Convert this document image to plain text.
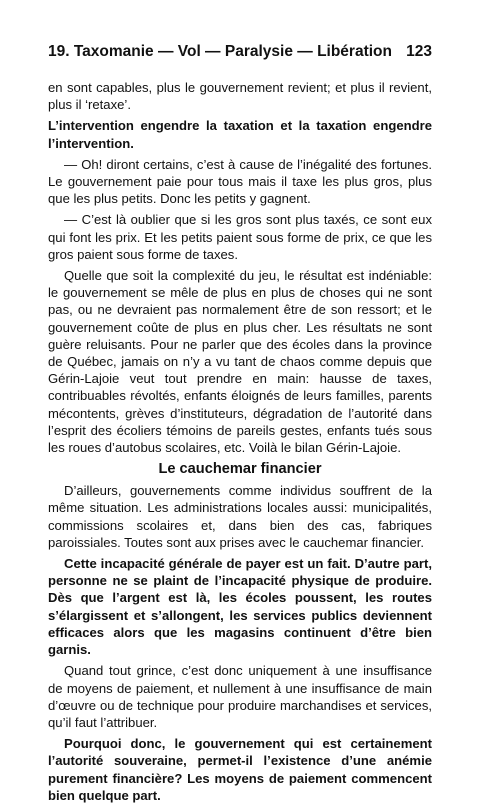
19. Taxomanie — Vol — Paralysie — Libération 123

en sont capables, plus le gouvernement revient; et plus il revient, plus il ‘retaxe’.

L’intervention engendre la taxation et la taxation engendre l’intervention.

— Oh! diront certains, c’est à cause de l’inégalité des fortunes. Le gouvernement paie pour tous mais il taxe les plus gros, plus que les plus petits. Donc les petits y gagnent.

— C’est là oublier que si les gros sont plus taxés, ce sont eux qui font les prix. Et les petits paient sous forme de prix, ce que les gros paient sous forme de taxes.

Quelle que soit la complexité du jeu, le résultat est indéniable: le gouvernement se mêle de plus en plus de choses qui ne sont pas, ou ne devraient pas normalement être de son ressort; et le gouvernement coûte de plus en plus cher. Les résultats ne sont guère reluisants. Pour ne parler que des écoles dans la province de Québec, jamais on n’y a vu tant de chaos comme depuis que Gérin-Lajoie veut tout prendre en main: hausse de taxes, contribuables révoltés, enfants éloignés de leurs familles, parents mécontents, grèves d’instituteurs, dégradation de l’autorité dans l’esprit des écoliers témoins de pareils gestes, enfants tués sous les roues d’autobus scolaires, etc. Voilà le bilan Gérin-Lajoie.

Le cauchemar financier

D’ailleurs, gouvernements comme individus souffrent de la même situation. Les administrations locales aussi: municipalités, commissions scolaires et, dans bien des cas, fabriques paroissiales. Toutes sont aux prises avec le cauchemar financier.

Cette incapacité générale de payer est un fait. D’autre part, personne ne se plaint de l’incapacité physique de produire. Dès que l’argent est là, les écoles poussent, les routes s’élargissent et s’allongent, les services publics deviennent efficaces alors que les magasins continuent d’être bien garnis.

Quand tout grince, c’est donc uniquement à une insuffisance de moyens de paiement, et nullement à une insuffisance de main d’œuvre ou de technique pour produire marchandises et services, qu’il faut l’attribuer.

Pourquoi donc, le gouvernement qui est certainement l’autorité souveraine, permet-il l’existence d’une anémie purement financière? Les moyens de paiement commencent bien quelque part.
